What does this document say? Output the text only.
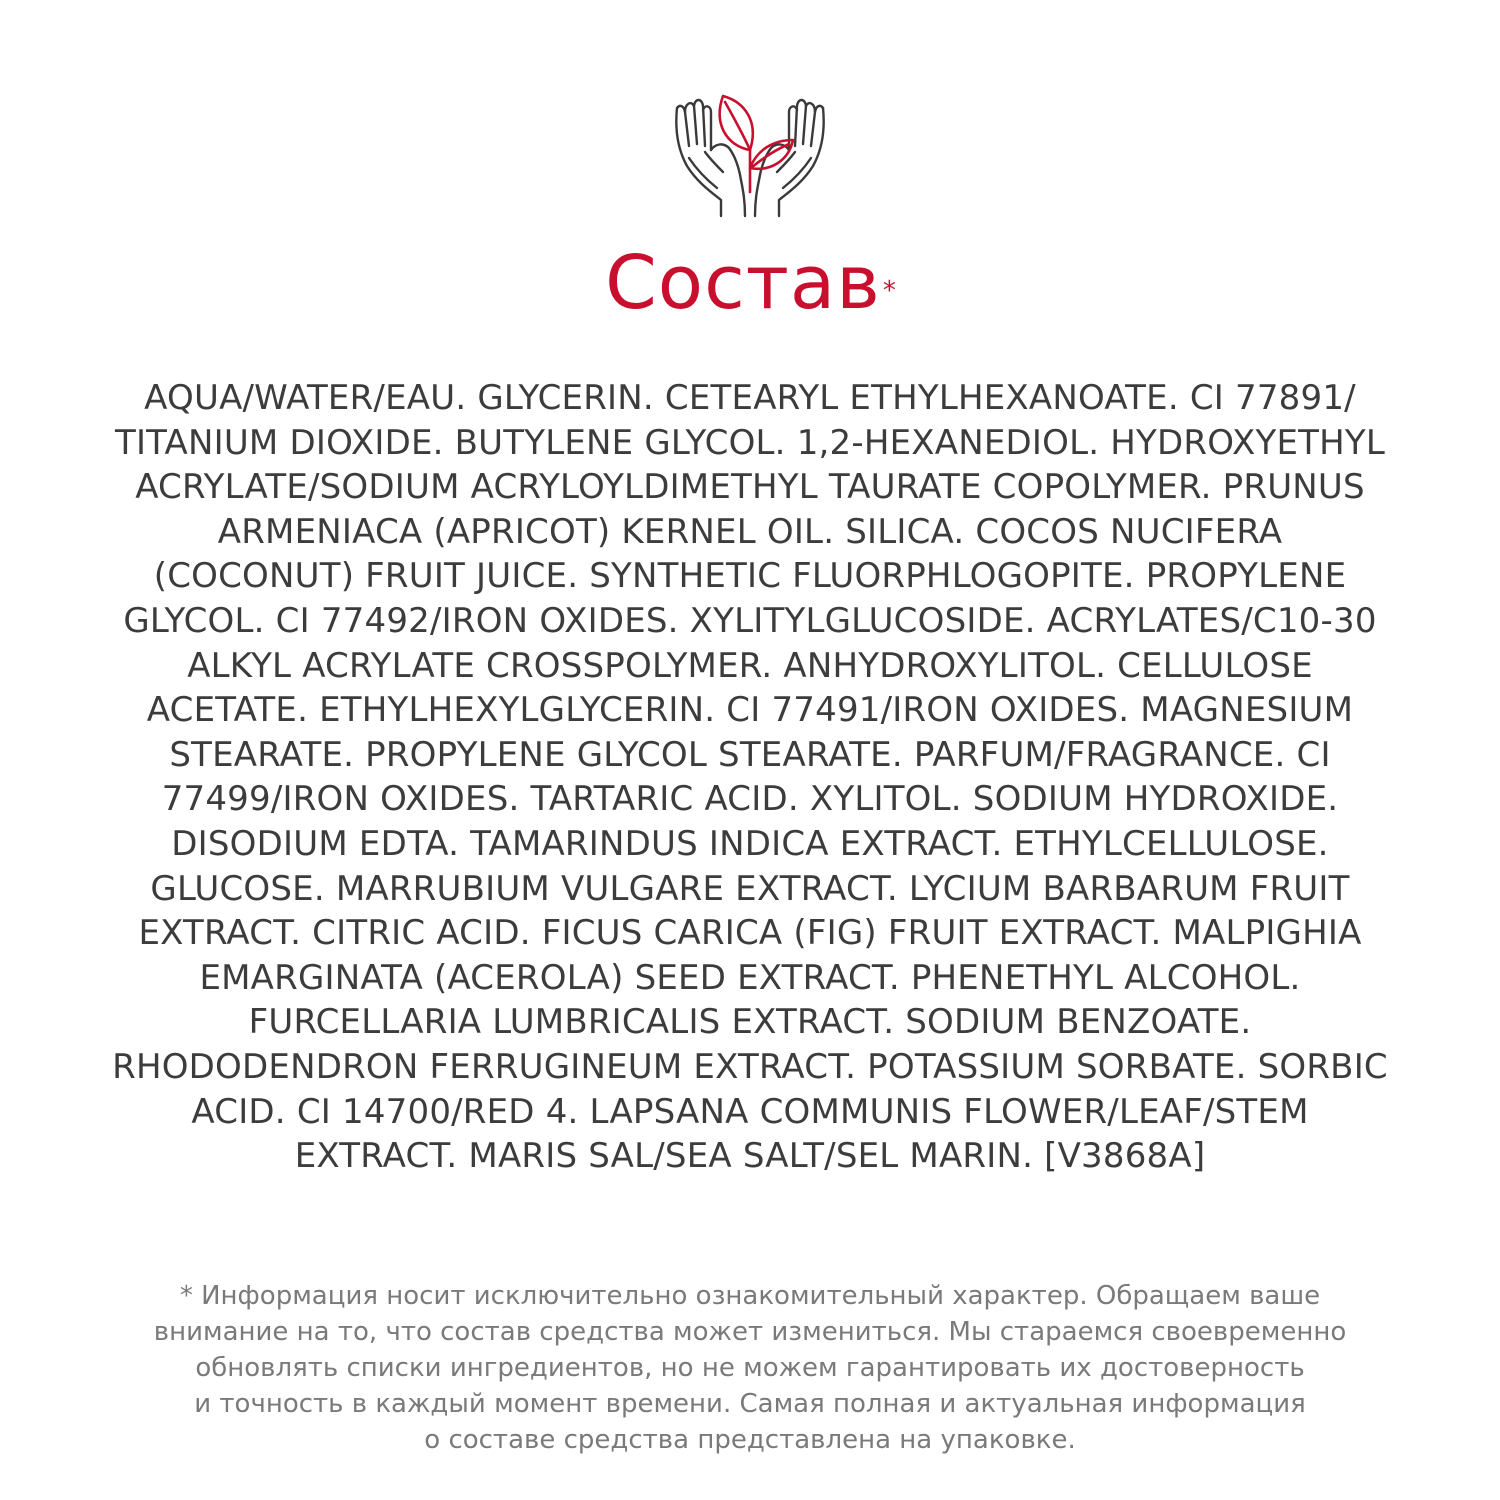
Состав*

AQUA/WATER/EAU. GLYCERIN. CETEARYL ETHYLHEXANOATE. CI 77891/
TITANIUM DIOXIDE. BUTYLENE GLYCOL. 1,2-HEXANEDIOL. HYDROXYETHYL
ACRYLATE/SODIUM ACRYLOYLDIMETHYL TAURATE COPOLYMER. PRUNUS
ARMENIACA (APRICOT) KERNEL OIL. SILICA. COCOS NUCIFERA
(COCONUT) FRUIT JUICE. SYNTHETIC FLUORPHLOGOPITE. PROPYLENE
GLYCOL. CI 77492/IRON OXIDES. XYLITYLGLUCOSIDE. ACRYLATES/C10-30
ALKYL ACRYLATE CROSSPOLYMER. ANHYDROXYLITOL. CELLULOSE
ACETATE. ETHYLHEXYLGLYCERIN. CI 77491/IRON OXIDES. MAGNESIUM
STEARATE. PROPYLENE GLYCOL STEARATE. PARFUM/FRAGRANCE. CI
77499/IRON OXIDES. TARTARIC ACID. XYLITOL. SODIUM HYDROXIDE.
DISODIUM EDTA. TAMARINDUS INDICA EXTRACT. ETHYLCELLULOSE.
GLUCOSE. MARRUBIUM VULGARE EXTRACT. LYCIUM BARBARUM FRUIT
EXTRACT. CITRIC ACID. FICUS CARICA (FIG) FRUIT EXTRACT. MALPIGHIA
EMARGINATA (ACEROLA) SEED EXTRACT. PHENETHYL ALCOHOL.
FURCELLARIA LUMBRICALIS EXTRACT. SODIUM BENZOATE.
RHODODENDRON FERRUGINEUM EXTRACT. POTASSIUM SORBATE. SORBIC
ACID. CI 14700/RED 4. LAPSANA COMMUNIS FLOWER/LEAF/STEM
EXTRACT. MARIS SAL/SEA SALT/SEL MARIN. [V3868A]

* Информация носит исключительно ознакомительный характер. Обращаем ваше
внимание на то, что состав средства может измениться. Мы стараемся своевременно
обновлять списки ингредиентов, но не можем гарантировать их достоверность
и точность в каждый момент времени. Самая полная и актуальная информация
о составе средства представлена на упаковке.
